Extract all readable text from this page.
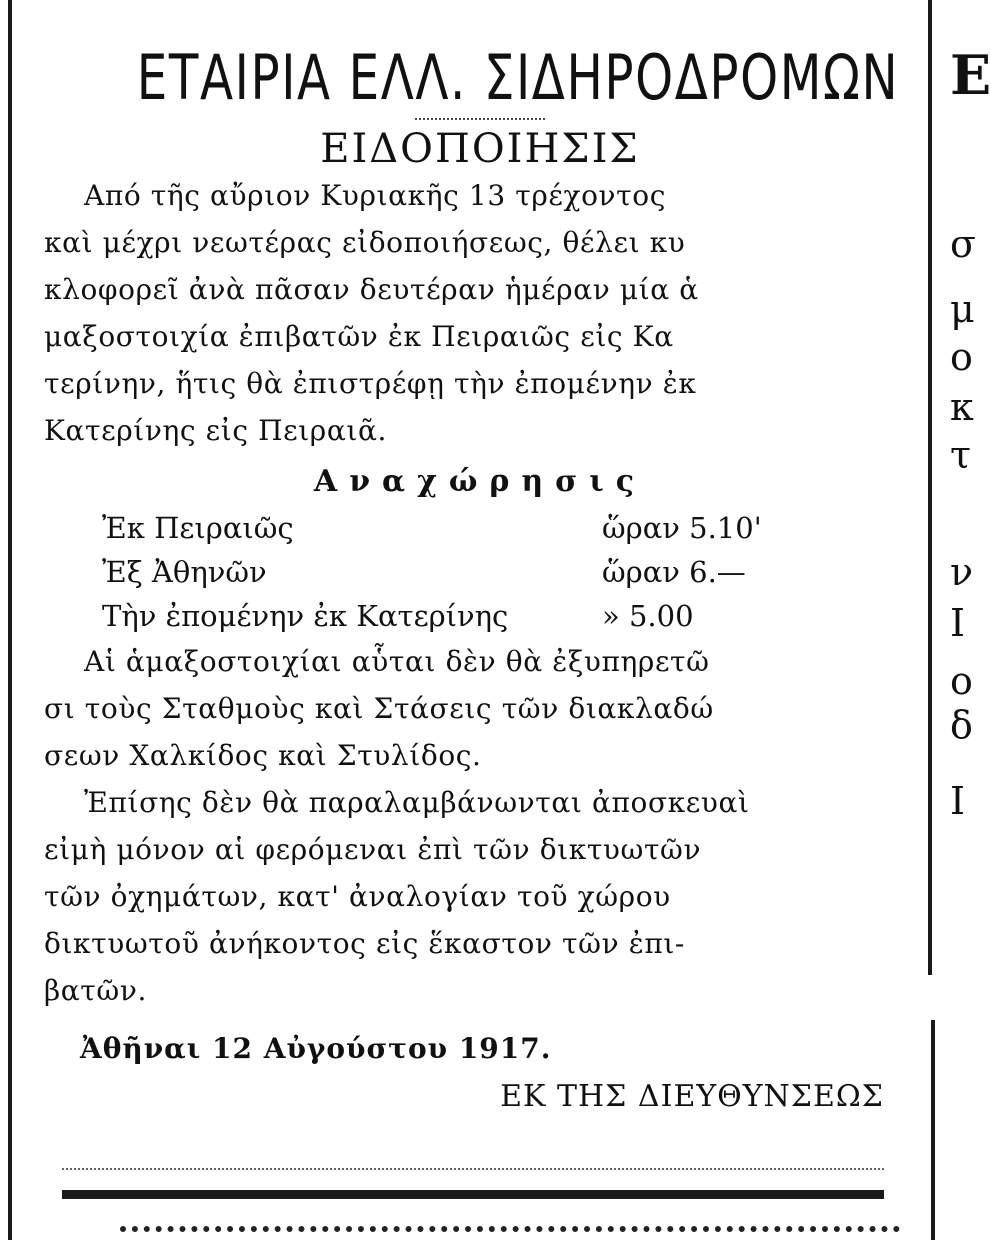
Ε
σ
μ
ο
κ
τ
ν
Ι
ο
δ
Ι
ΕΤΑΙΡΙΑ ΕΛΛ. ΣΙΔΗΡΟΔΡΟΜΩΝ
ΕΙΔΟΠΟΙΗΣΙΣ
Από τῆς αὔριον Κυριακῆς 13 τρέχοντος
καὶ μέχρι νεωτέρας εἰδοποιήσεως, θέλει κυ
κλοφορεῖ ἀνὰ πᾶσαν δευτέραν ἡμέραν μία ἁ
μαξοστοιχία ἐπιβατῶν ἐκ Πειραιῶς εἰς Κα
τερίνην, ἥτις θὰ ἐπιστρέφῃ τὴν ἐπομένην ἐκ
Κατερίνης εἰς Πειραιᾶ.
Αναχώρησις
Ἐκ Πειραιῶς	ὥραν 5.10'
Ἐξ Ἀθηνῶν	ὥραν 6.—
Τὴν ἐπομένην ἐκ Κατερίνης	» 5.00
Αἱ ἁμαξοστοιχίαι αὗται δὲν θὰ ἐξυπηρετῶ
σι τοὺς Σταθμοὺς καὶ Στάσεις τῶν διακλαδώ
σεων Χαλκίδος καὶ Στυλίδος.
Ἐπίσης δὲν θὰ παραλαμβάνωνται ἀποσκευαὶ
εἰμὴ μόνον αἱ φερόμεναι ἐπὶ τῶν δικτυωτῶν
τῶν ὀχημάτων, κατ' ἀναλογίαν τοῦ χώρου
δικτυωτοῦ ἀνήκοντος εἰς ἕκαστον τῶν ἐπι-
βατῶν.
Ἀθῆναι 12 Αὐγούστου 1917.
ΕΚ ΤΗΣ ΔΙΕΥΘΥΝΣΕΩΣ
